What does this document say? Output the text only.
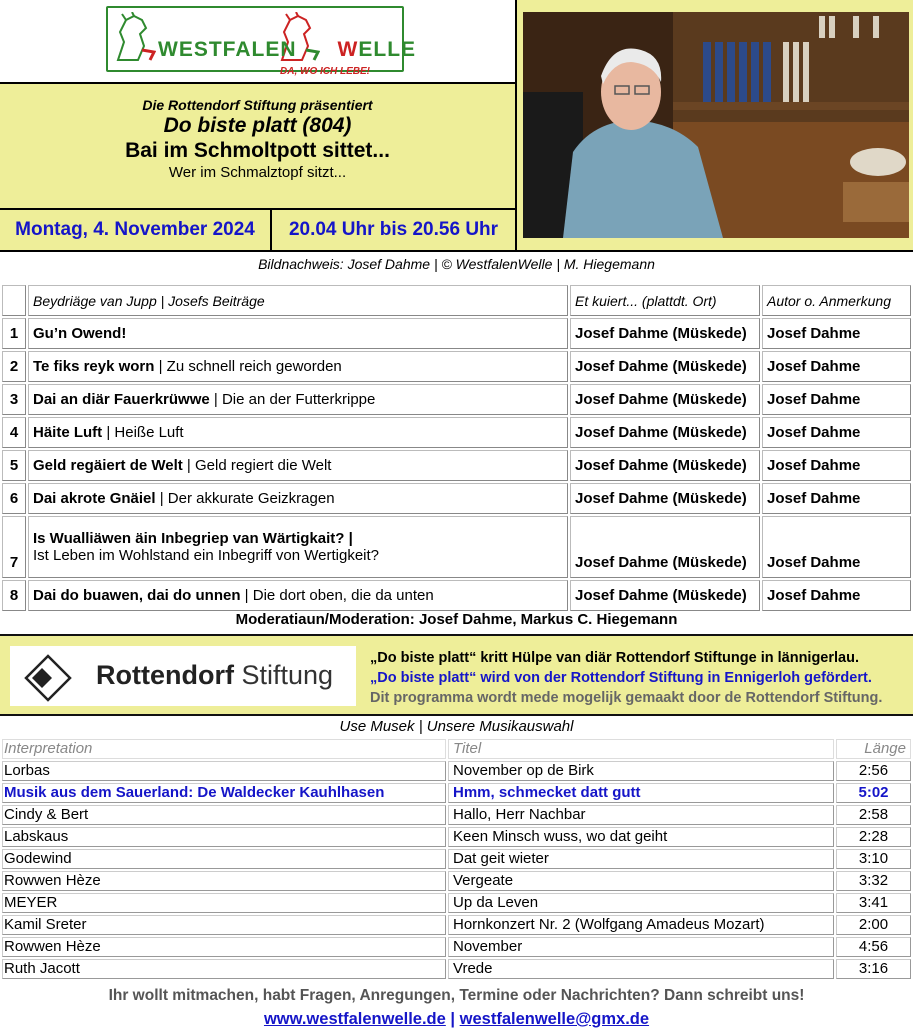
WESTFALEN WELLE
DA, WO ICH LEBE!
Die Rottendorf Stiftung präsentiert
Do biste platt (804)
Bai im Schmoltpott sittet...
Wer im Schmalztopf sitzt...
Montag, 4. November 2024	20.04 Uhr bis 20.56 Uhr
Bildnachweis: Josef Dahme | © WestfalenWelle | M. Hiegemann
	Beydriäge van Jupp | Josefs Beiträge	Et kuiert... (plattdt. Ort)	Autor o. Anmerkung
1	Gu’n Owend!	Josef Dahme (Müskede)	Josef Dahme
2	Te fiks reyk worn | Zu schnell reich geworden	Josef Dahme (Müskede)	Josef Dahme
3	Dai an diär Fauerkrüwwe | Die an der Futterkrippe	Josef Dahme (Müskede)	Josef Dahme
4	Häite Luft | Heiße Luft	Josef Dahme (Müskede)	Josef Dahme
5	Geld regäiert de Welt | Geld regiert die Welt	Josef Dahme (Müskede)	Josef Dahme
6	Dai akrote Gnäiel | Der akkurate Geizkragen	Josef Dahme (Müskede)	Josef Dahme
7	Is Wualliäwen äin Inbegriep van Wärtigkait? |
Ist Leben im Wohlstand ein Inbegriff von Wertigkeit?	Josef Dahme (Müskede)	Josef Dahme
8	Dai do buawen, dai do unnen | Die dort oben, die da unten	Josef Dahme (Müskede)	Josef Dahme
Moderatiaun/Moderation: Josef Dahme, Markus C. Hiegemann
Rottendorf Stiftung
„Do biste platt“ kritt Hülpe van diär Rottendorf Stiftunge in lännigerlau.
„Do biste platt“ wird von der Rottendorf Stiftung in Ennigerloh gefördert.
Dit programma wordt mede mogelijk gemaakt door de Rottendorf Stiftung.
Use Musek | Unsere Musikauswahl
Interpretation	Titel	Länge
Lorbas	November op de Birk	2:56
Musik aus dem Sauerland: De Waldecker Kauhlhasen	Hmm, schmecket datt gutt	5:02
Cindy & Bert	Hallo, Herr Nachbar	2:58
Labskaus	Keen Minsch wuss, wo dat geiht	2:28
Godewind	Dat geit wieter	3:10
Rowwen Hèze	Vergeate	3:32
MEYER	Up da Leven	3:41
Kamil Sreter	Hornkonzert Nr. 2 (Wolfgang Amadeus Mozart)	2:00
Rowwen Hèze	November	4:56
Ruth Jacott	Vrede	3:16
Ihr wollt mitmachen, habt Fragen, Anregungen, Termine oder Nachrichten? Dann schreibt uns!
www.westfalenwelle.de | westfalenwelle@gmx.de
